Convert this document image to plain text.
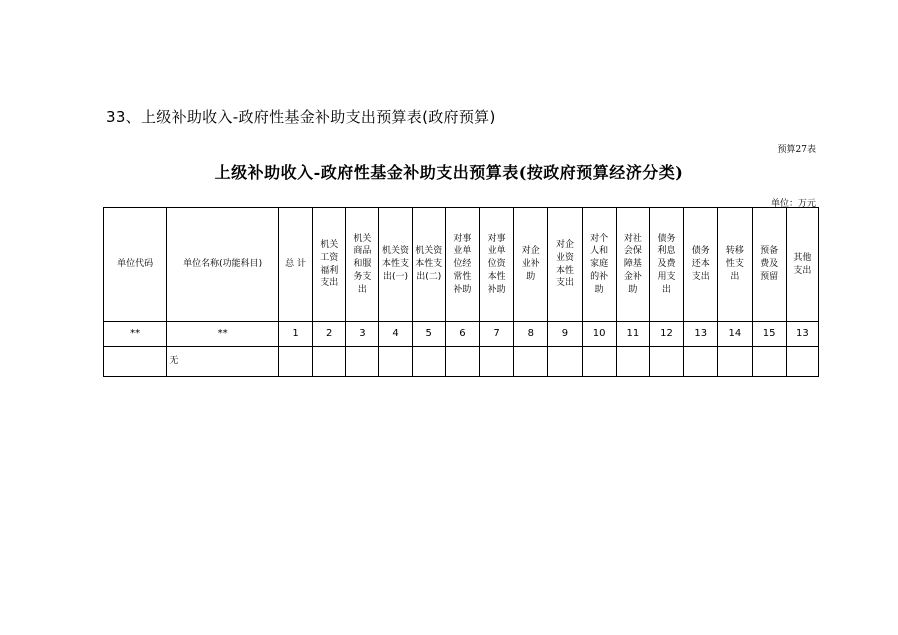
33、上级补助收入-政府性基金补助支出预算表(政府预算)
预算27表
上级补助收入-政府性基金补助支出预算表(按政府预算经济分类)
单位：万元
单位代码	单位名称(功能科目)	总 计	机关工资福利支出	机关商品和服务支出	机关资本性支出(一)	机关资本性支出(二)	对事业单位经常性补助	对事业单位资本性补助	对企业补助	对企业资本性支出	对个人和家庭的补助	对社会保障基金补助	债务利息及费用支出	债务还本支出	转移性支出	预备费及预留	其他支出
**	**	1	2	3	4	5	6	7	8	9	10	11	12	13	14	15	13
	无																
